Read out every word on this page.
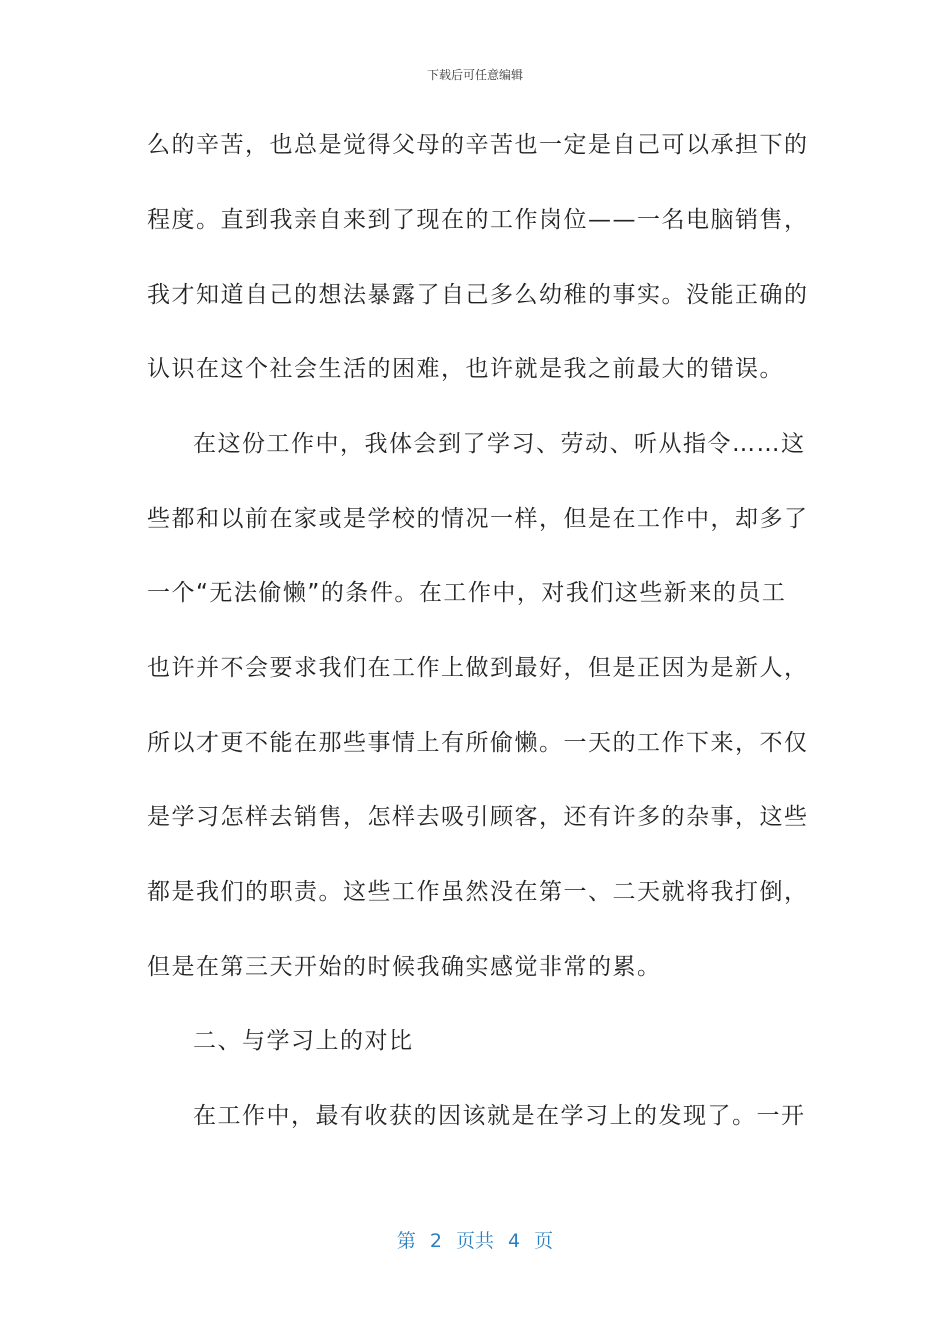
下载后可任意编辑
么的辛苦，也总是觉得父母的辛苦也一定是自己可以承担下的
程度。直到我亲自来到了现在的工作岗位——一名电脑销售，
我才知道自己的想法暴露了自己多么幼稚的事实。没能正确的
认识在这个社会生活的困难，也许就是我之前最大的错误。
在这份工作中，我体会到了学习、劳动、听从指令……这
些都和以前在家或是学校的情况一样，但是在工作中，却多了
一个“无法偷懒”的条件。在工作中，对我们这些新来的员工
也许并不会要求我们在工作上做到最好，但是正因为是新人，
所以才更不能在那些事情上有所偷懒。一天的工作下来，不仅
是学习怎样去销售，怎样去吸引顾客，还有许多的杂事，这些
都是我们的职责。这些工作虽然没在第一、二天就将我打倒，
但是在第三天开始的时候我确实感觉非常的累。
二、与学习上的对比
在工作中，最有收获的因该就是在学习上的发现了。一开
第 2 页共 4 页
